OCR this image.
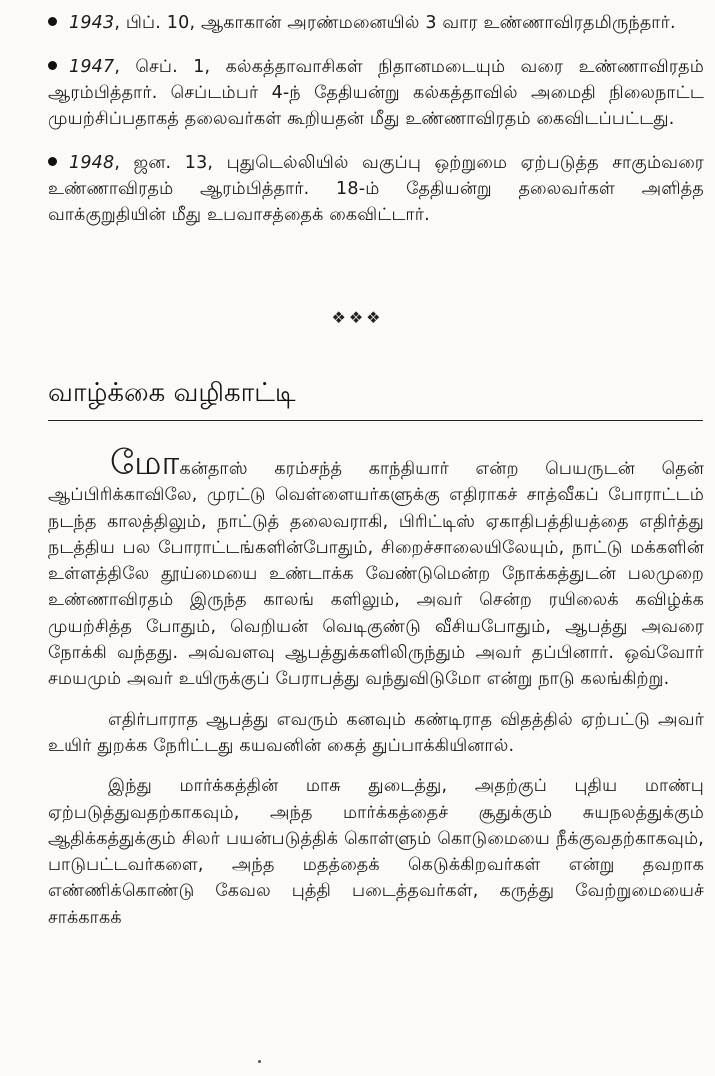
1943, பிப். 10, ஆகாகான் அரண்மனையில் 3 வார உண்ணாவிரதமிருந்தார்.
1947, செப். 1, கல்கத்தாவாசிகள் நிதானமடையும் வரை உண்ணாவிரதம் ஆரம்பித்தார். செப்டம்பர் 4-ந் தேதியன்று கல்கத்தாவில் அமைதி நிலைநாட்ட முயற்சிப்பதாகத் தலைவர்கள் கூறியதன் மீது உண்ணாவிரதம் கைவிடப்பட்டது.
1948, ஜன. 13, புதுடெல்லியில் வகுப்பு ஒற்றுமை ஏற்படுத்த சாகும்வரை உண்ணாவிரதம் ஆரம்பித்தார். 18-ம் தேதியன்று தலைவர்கள் அளித்த வாக்குறுதியின் மீது உபவாசத்தைக் கைவிட்டார்.
❖❖❖
வாழ்க்கை வழிகாட்டி

மோகன்தாஸ் கரம்சந்த் காந்தியார் என்ற பெயருடன் தென் ஆப்பிரிக்காவிலே, முரட்டு வெள்ளையர்களுக்கு எதிராகச் சாத்வீகப் போராட்டம் நடந்த காலத்திலும், நாட்டுத் தலைவராகி, பிரிட்டிஸ் ஏகாதிபத்தியத்தை எதிர்த்து நடத்திய பல போராட்டங்களின்போதும், சிறைச்சாலையிலேயும், நாட்டு மக்களின் உள்ளத்திலே தூய்மையை உண்டாக்க வேண்டுமென்ற நோக்கத்துடன் பலமுறை உண்ணாவிரதம் இருந்த காலங் களிலும், அவர் சென்ற ரயிலைக் கவிழ்க்க முயற்சித்த போதும், வெறியன் வெடிகுண்டு வீசியபோதும், ஆபத்து அவரை நோக்கி வந்தது. அவ்வளவு ஆபத்துக்களிலிருந்தும் அவர் தப்பினார். ஒவ்வோர் சமயமும் அவர் உயிருக்குப் பேராபத்து வந்துவிடுமோ என்று நாடு கலங்கிற்று.

எதிர்பாராத ஆபத்து எவரும் கனவும் கண்டிராத விதத்தில் ஏற்பட்டு அவர் உயிர் துறக்க நேரிட்டது கயவனின் கைத் துப்பாக்கியினால்.

இந்து மார்க்கத்தின் மாசு துடைத்து, அதற்குப் புதிய மாண்பு ஏற்படுத்துவதற்காகவும், அந்த மார்க்கத்தைச் சூதுக்கும் சுயநலத்துக்கும் ஆதிக்கத்துக்கும் சிலர் பயன்படுத்திக் கொள்ளும் கொடுமையை நீக்குவதற்காகவும், பாடுபட்டவர்களை, அந்த மதத்தைக் கெடுக்கிறவர்கள் என்று தவறாக எண்ணிக்கொண்டு கேவல புத்தி படைத்தவர்கள், கருத்து வேற்றுமையைச் சாக்காகக்
